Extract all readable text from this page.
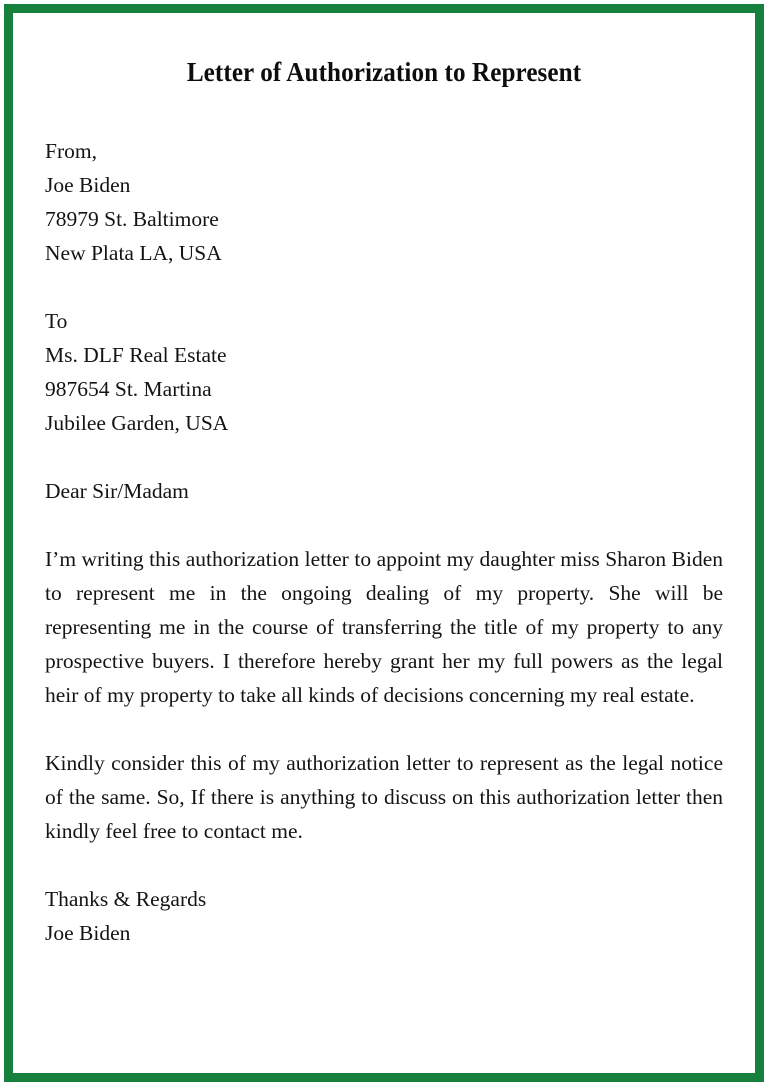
Letter of Authorization to Represent
From,
Joe Biden
78979 St. Baltimore
New Plata LA, USA
To
Ms. DLF Real Estate
987654 St. Martina
Jubilee Garden, USA
Dear Sir/Madam

I’m writing this authorization letter to appoint my daughter miss Sharon Biden to represent me in the ongoing dealing of my property. She will be representing me in the course of transferring the title of my property to any prospective buyers. I therefore hereby grant her my full powers as the legal heir of my property to take all kinds of decisions concerning my real estate.

Kindly consider this of my authorization letter to represent as the legal notice of the same. So, If there is anything to discuss on this authorization letter then kindly feel free to contact me.

Thanks & Regards
Joe Biden
